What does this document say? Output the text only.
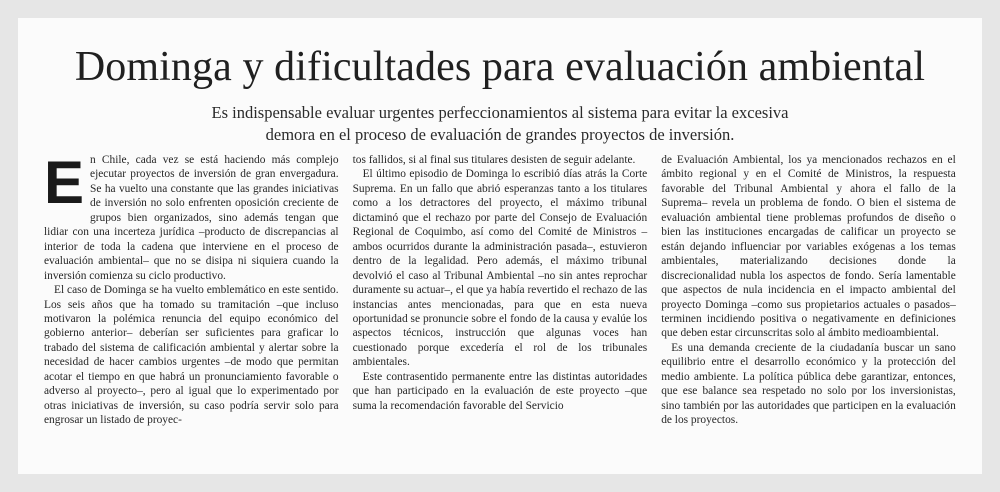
Dominga y dificultades para evaluación ambiental
Es indispensable evaluar urgentes perfeccionamientos al sistema para evitar la excesiva demora en el proceso de evaluación de grandes proyectos de inversión.

En Chile, cada vez se está haciendo más complejo ejecutar proyectos de inversión de gran envergadura. Se ha vuelto una constante que las grandes iniciativas de inversión no solo enfrenten oposición creciente de grupos bien organizados, sino además tengan que lidiar con una incerteza jurídica –producto de discrepancias al interior de toda la cadena que interviene en el proceso de evaluación ambiental– que no se disipa ni siquiera cuando la inversión comienza su ciclo productivo.

El caso de Dominga se ha vuelto emblemático en este sentido. Los seis años que ha tomado su tramitación –que incluso motivaron la polémica renuncia del equipo económico del gobierno anterior– deberían ser suficientes para graficar lo trabado del sistema de calificación ambiental y alertar sobre la necesidad de hacer cambios urgentes –de modo que permitan acotar el tiempo en que habrá un pronunciamiento favorable o adverso al proyecto–, pero al igual que lo experimentado por otras iniciativas de inversión, su caso podría servir solo para engrosar un listado de proyec-

tos fallidos, si al final sus titulares desisten de seguir adelante.

El último episodio de Dominga lo escribió días atrás la Corte Suprema. En un fallo que abrió esperanzas tanto a los titulares como a los detractores del proyecto, el máximo tribunal dictaminó que el rechazo por parte del Consejo de Evaluación Regional de Coquimbo, así como del Comité de Ministros –ambos ocurridos durante la administración pasada–, estuvieron dentro de la legalidad. Pero además, el máximo tribunal devolvió el caso al Tribunal Ambiental –no sin antes reprochar duramente su actuar–, el que ya había revertido el rechazo de las instancias antes mencionadas, para que en esta nueva oportunidad se pronuncie sobre el fondo de la causa y evalúe los aspectos técnicos, instrucción que algunas voces han cuestionado porque excedería el rol de los tribunales ambientales.

Este contrasentido permanente entre las distintas autoridades que han participado en la evaluación de este proyecto –que suma la recomendación favorable del Servicio

de Evaluación Ambiental, los ya mencionados rechazos en el ámbito regional y en el Comité de Ministros, la respuesta favorable del Tribunal Ambiental y ahora el fallo de la Suprema– revela un problema de fondo. O bien el sistema de evaluación ambiental tiene problemas profundos de diseño o bien las instituciones encargadas de calificar un proyecto se están dejando influenciar por variables exógenas a los temas ambientales, materializando decisiones donde la discrecionalidad nubla los aspectos de fondo. Sería lamentable que aspectos de nula incidencia en el impacto ambiental del proyecto Dominga –como sus propietarios actuales o pasados– terminen incidiendo positiva o negativamente en definiciones que deben estar circunscritas solo al ámbito medioambiental.

Es una demanda creciente de la ciudadanía buscar un sano equilibrio entre el desarrollo económico y la protección del medio ambiente. La política pública debe garantizar, entonces, que ese balance sea respetado no solo por los inversionistas, sino también por las autoridades que participen en la evaluación de los proyectos.
